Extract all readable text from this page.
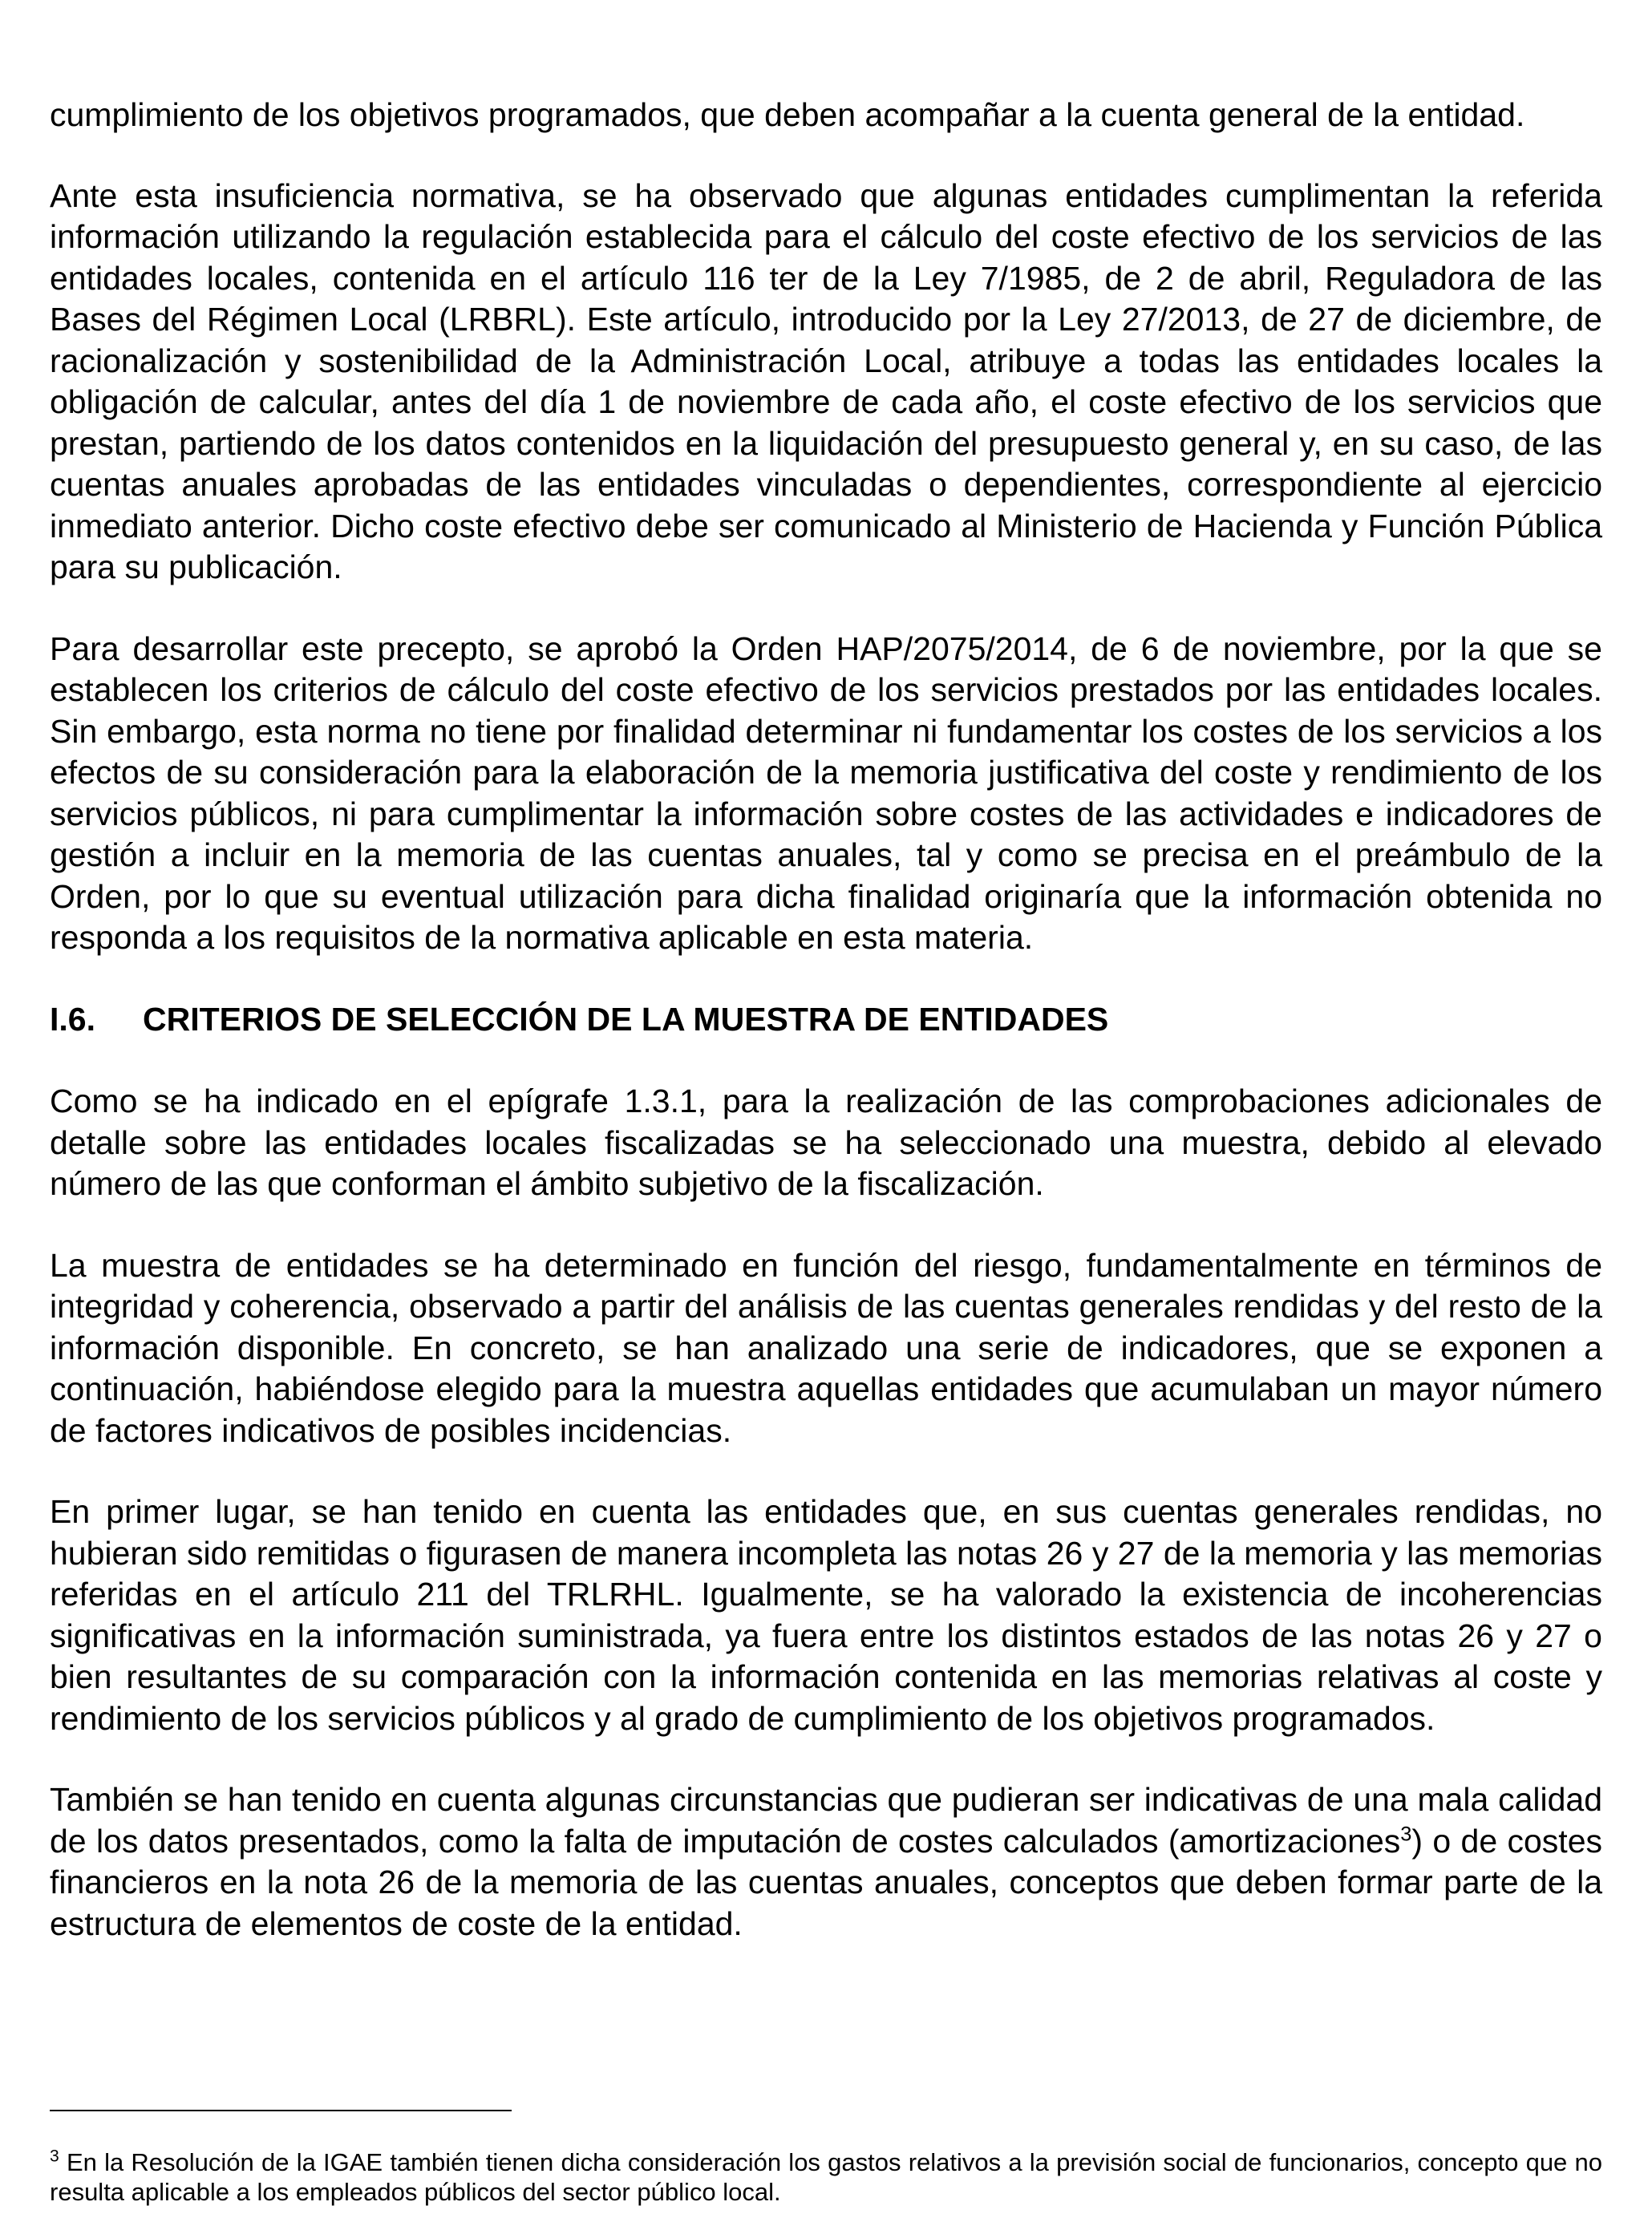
cumplimiento de los objetivos programados, que deben acompañar a la cuenta general de la entidad.

Ante esta insuficiencia normativa, se ha observado que algunas entidades cumplimentan la referida información utilizando la regulación establecida para el cálculo del coste efectivo de los servicios de las entidades locales, contenida en el artículo 116 ter de la Ley 7/1985, de 2 de abril, Reguladora de las Bases del Régimen Local (LRBRL). Este artículo, introducido por la Ley 27/2013, de 27 de diciembre, de racionalización y sostenibilidad de la Administración Local, atribuye a todas las entidades locales la obligación de calcular, antes del día 1 de noviembre de cada año, el coste efectivo de los servicios que prestan, partiendo de los datos contenidos en la liquidación del presupuesto general y, en su caso, de las cuentas anuales aprobadas de las entidades vinculadas o dependientes, correspondiente al ejercicio inmediato anterior. Dicho coste efectivo debe ser comunicado al Ministerio de Hacienda y Función Pública para su publicación.

Para desarrollar este precepto, se aprobó la Orden HAP/2075/2014, de 6 de noviembre, por la que se establecen los criterios de cálculo del coste efectivo de los servicios prestados por las entidades locales. Sin embargo, esta norma no tiene por finalidad determinar ni fundamentar los costes de los servicios a los efectos de su consideración para la elaboración de la memoria justificativa del coste y rendimiento de los servicios públicos, ni para cumplimentar la información sobre costes de las actividades e indicadores de gestión a incluir en la memoria de las cuentas anuales, tal y como se precisa en el preámbulo de la Orden, por lo que su eventual utilización para dicha finalidad originaría que la información obtenida no responda a los requisitos de la normativa aplicable en esta materia.

I.6.	CRITERIOS DE SELECCIÓN DE LA MUESTRA DE ENTIDADES

Como se ha indicado en el epígrafe 1.3.1, para la realización de las comprobaciones adicionales de detalle sobre las entidades locales fiscalizadas se ha seleccionado una muestra, debido al elevado número de las que conforman el ámbito subjetivo de la fiscalización.

La muestra de entidades se ha determinado en función del riesgo, fundamentalmente en términos de integridad y coherencia, observado a partir del análisis de las cuentas generales rendidas y del resto de la información disponible. En concreto, se han analizado una serie de indicadores, que se exponen a continuación, habiéndose elegido para la muestra aquellas entidades que acumulaban un mayor número de factores indicativos de posibles incidencias.

En primer lugar, se han tenido en cuenta las entidades que, en sus cuentas generales rendidas, no hubieran sido remitidas o figurasen de manera incompleta las notas 26 y 27 de la memoria y las memorias referidas en el artículo 211 del TRLRHL. Igualmente, se ha valorado la existencia de incoherencias significativas en la información suministrada, ya fuera entre los distintos estados de las notas 26 y 27 o bien resultantes de su comparación con la información contenida en las memorias relativas al coste y rendimiento de los servicios públicos y al grado de cumplimiento de los objetivos programados.

También se han tenido en cuenta algunas circunstancias que pudieran ser indicativas de una mala calidad de los datos presentados, como la falta de imputación de costes calculados (amortizaciones$^3$) o de costes financieros en la nota 26 de la memoria de las cuentas anuales, conceptos que deben formar parte de la estructura de elementos de coste de la entidad.

$^3$ En la Resolución de la IGAE también tienen dicha consideración los gastos relativos a la previsión social de funcionarios, concepto que no resulta aplicable a los empleados públicos del sector público local.
